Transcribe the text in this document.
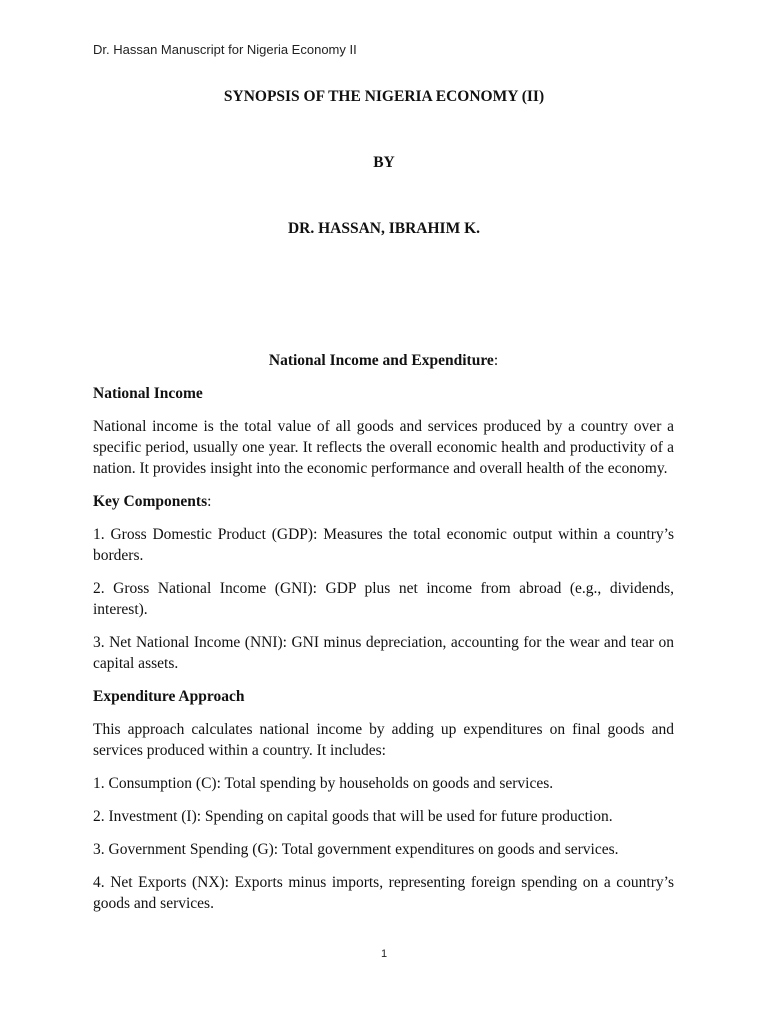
Dr. Hassan Manuscript for Nigeria Economy II
SYNOPSIS OF THE NIGERIA ECONOMY (II)
BY
DR. HASSAN, IBRAHIM K.
National Income and Expenditure:
National Income
National income is the total value of all goods and services produced by a country over a specific period, usually one year. It reflects the overall economic health and productivity of a nation. It provides insight into the economic performance and overall health of the economy.
Key Components:
1. Gross Domestic Product (GDP): Measures the total economic output within a country’s borders.
2. Gross National Income (GNI): GDP plus net income from abroad (e.g., dividends, interest).
3. Net National Income (NNI): GNI minus depreciation, accounting for the wear and tear on capital assets.
Expenditure Approach
This approach calculates national income by adding up expenditures on final goods and services produced within a country. It includes:
1. Consumption (C): Total spending by households on goods and services.
2. Investment (I): Spending on capital goods that will be used for future production.
3. Government Spending (G): Total government expenditures on goods and services.
4. Net Exports (NX): Exports minus imports, representing foreign spending on a country’s goods and services.
1
